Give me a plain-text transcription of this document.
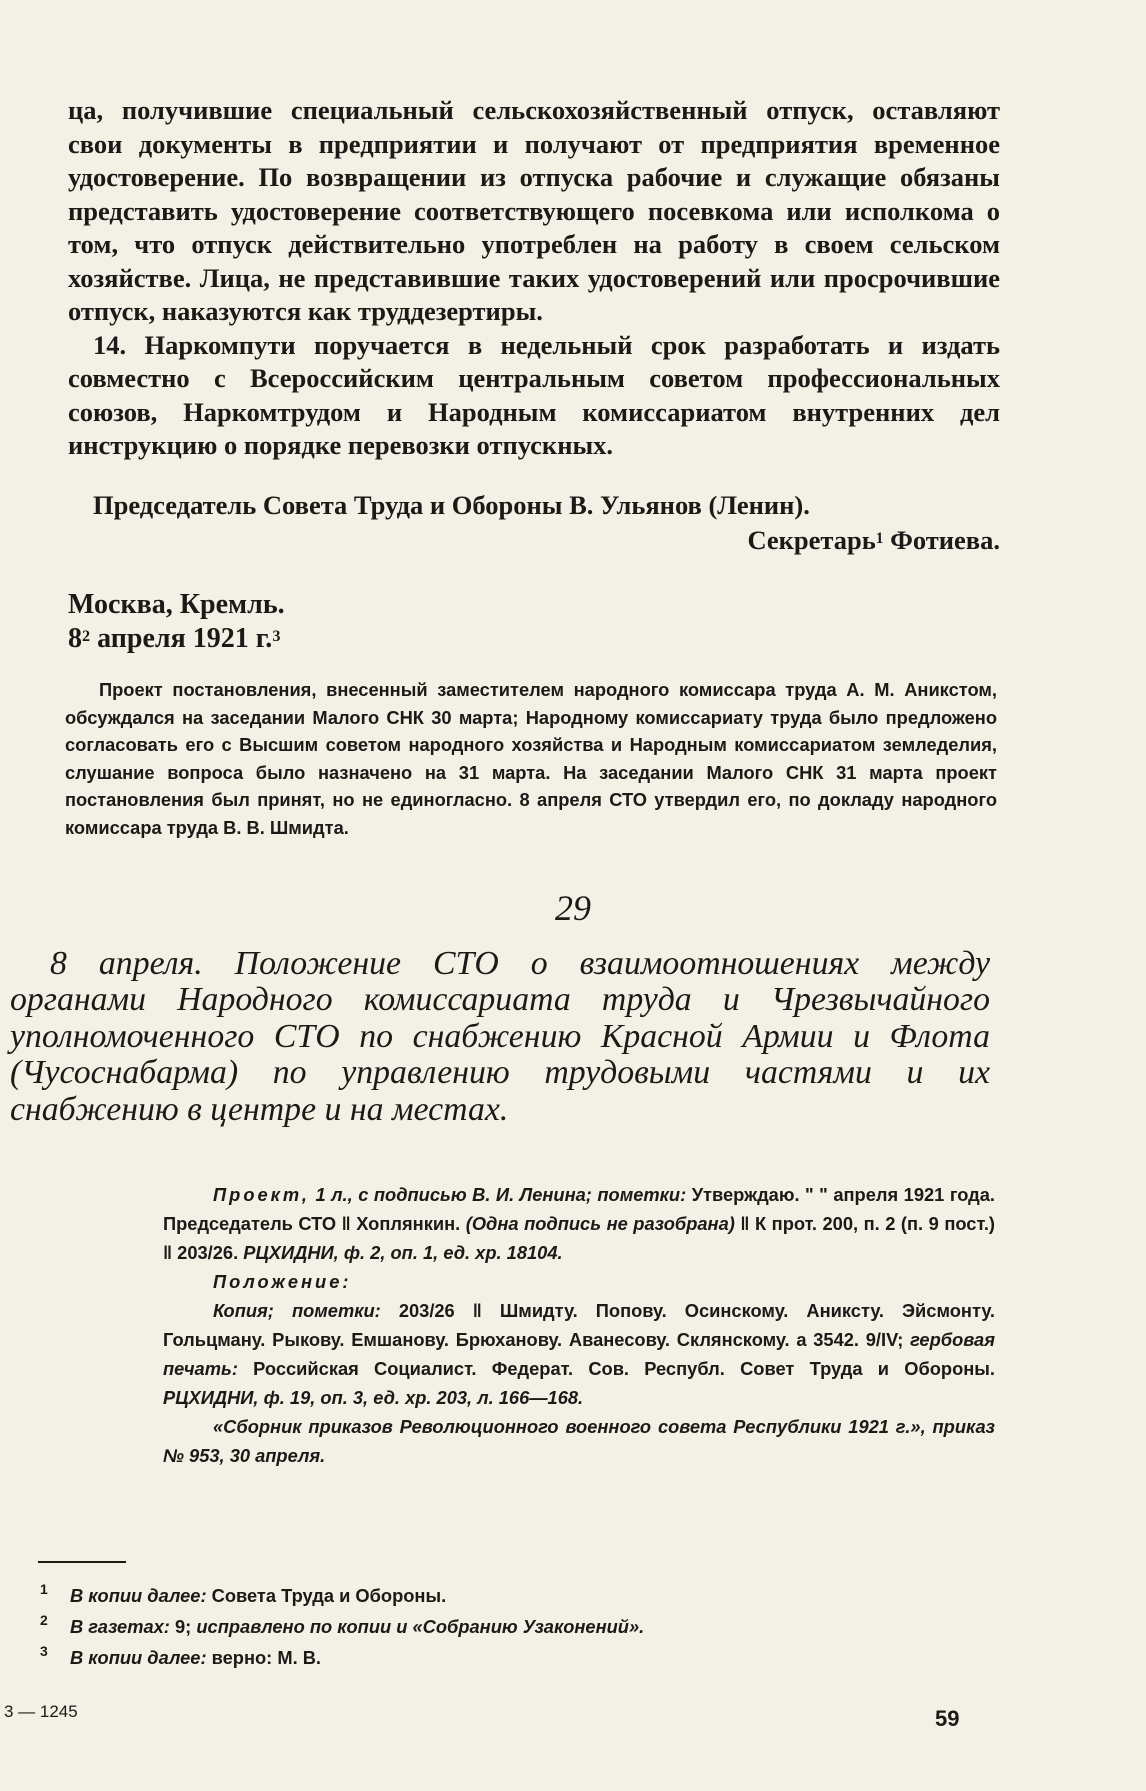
ца, получившие специальный сельскохозяйственный отпуск, оставляют свои документы в предприятии и получают от предприятия временное удостоверение. По возвращении из отпуска рабочие и служащие обязаны представить удостоверение соответствующего посевкома или исполкома о том, что отпуск действительно употреблен на работу в своем сельском хозяйстве. Лица, не представившие таких удостоверений или просрочившие отпуск, наказуются как труддезертиры.

14. Наркомпути поручается в недельный срок разработать и издать совместно с Всероссийским центральным советом профессиональных союзов, Наркомтрудом и Народным комиссариатом внутренних дел инструкцию о порядке перевозки отпускных.

Председатель Совета Труда и Обороны В. Ульянов (Ленин).

Секретарь$^1$ Фотиева.

Москва, Кремль.
$8^2$ апреля 1921 г.$^3$
Проект постановления, внесенный заместителем народного комиссара труда А. М. Аникстом, обсуждался на заседании Малого СНК 30 марта; Народному комиссариату труда было предложено согласовать его с Высшим советом народного хозяйства и Народным комиссариатом земледелия, слушание вопроса было назначено на 31 марта. На заседании Малого СНК 31 марта проект постановления был принят, но не единогласно. 8 апреля СТО утвердил его, по докладу народного комиссара труда В. В. Шмидта.
29
8 апреля. Положение СТО о взаимоотношениях между органами Народного комиссариата труда и Чрезвычайного уполномоченного СТО по снабжению Красной Армии и Флота (Чусоснабарма) по управлению трудовыми частями и их снабжению в центре и на местах.

Проект, 1 л., с подписью В. И. Ленина; пометки: Утверждаю. " " апреля 1921 года. Председатель СТО ‖ Хоплянкин. (Одна подпись не разобрана) ‖ К прот. 200, п. 2 (п. 9 пост.) ‖ 203/26. РЦХИДНИ, ф. 2, оп. 1, ед. хр. 18104.

Положение:

Копия; пометки: 203/26 ‖ Шмидту. Попову. Осинскому. Аниксту. Эйсмонту. Гольцману. Рыкову. Емшанову. Брюханову. Аванесову. Склянскому. а 3542. 9/IV; гербовая печать: Российская Социалист. Федерат. Сов. Республ. Совет Труда и Обороны. РЦХИДНИ, ф. 19, оп. 3, ед. хр. 203, л. 166—168.

«Сборник приказов Революционного военного совета Республики 1921 г.», приказ № 953, 30 апреля.

1 В копии далее: Совета Труда и Обороны.
2 В газетах: 9; исправлено по копии и «Собранию Узаконений».
3 В копии далее: верно: М. В.
3 — 1245	59
